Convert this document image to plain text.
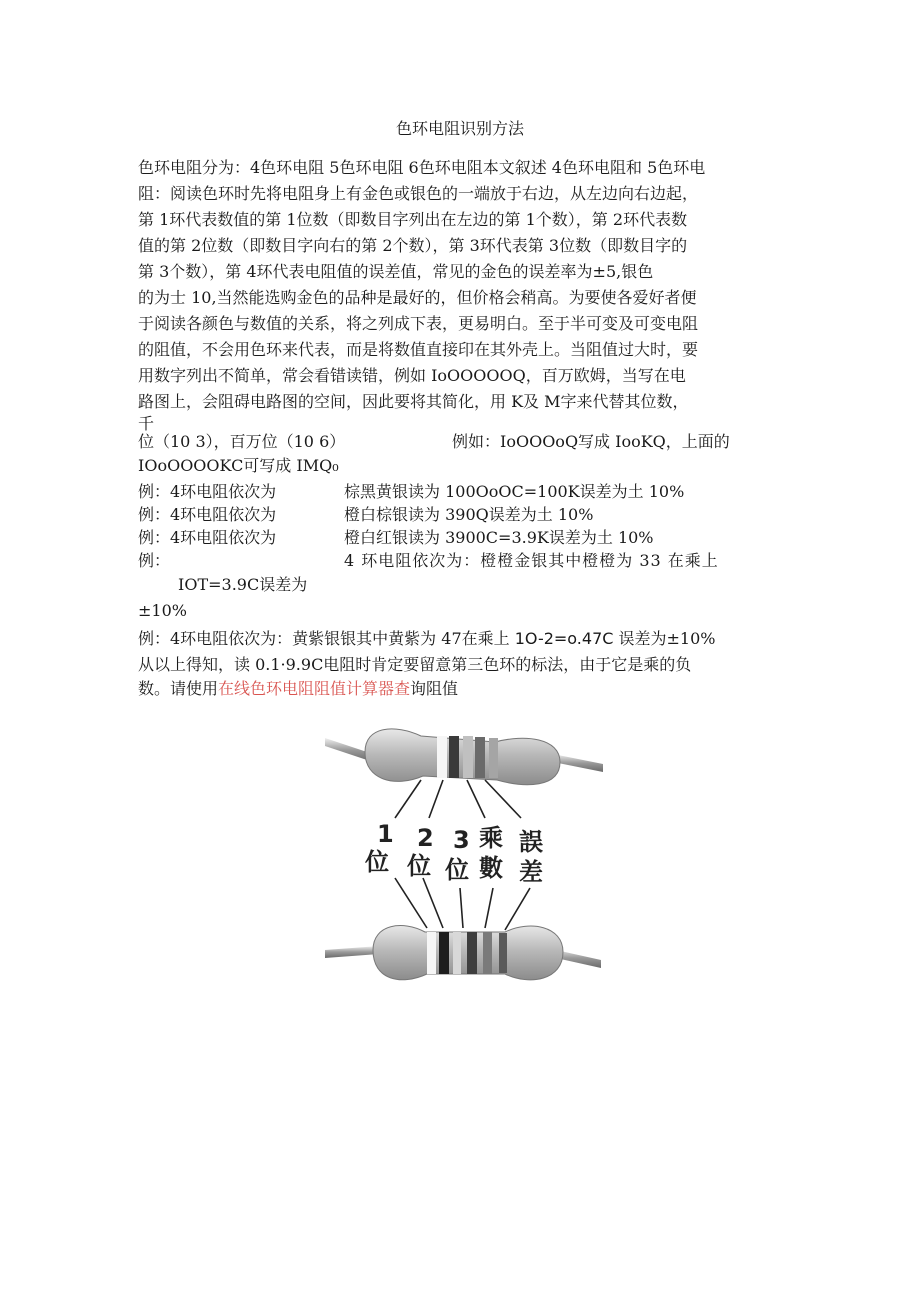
色环电阻识别方法
色环电阻分为：4色环电阻 5色环电阻 6色环电阻本文叙述 4色环电阻和 5色环电
阻：阅读色环时先将电阻身上有金色或银色的一端放于右边，从左边向右边起，
第 1环代表数值的第 1位数（即数目字列出在左边的第 1个数），第 2环代表数
值的第 2位数（即数目字向右的第 2个数），第 3环代表第 3位数（即数目字的
第 3个数），第 4环代表电阻值的误差值，常见的金色的误差率为±5,银色
的为士 10,当然能选购金色的品种是最好的，但价格会稍高。为要使各爱好者便
于阅读各颜色与数值的关系，将之列成下表，更易明白。至于半可变及可变电阻
的阻值，不会用色环来代表，而是将数值直接印在其外壳上。当阻值过大时，要
用数字列出不简单，常会看错读错，例如 IoOOOOOQ，百万欧姆，当写在电
路图上，会阻碍电路图的空间，因此要将其简化，用 K及 M字来代替其位数，
千
位（10 3），百万位（10 6）	例如：IoOOOoQ写成 IooKQ，上面的
IOoOOOOKC可写成 IMQ₀
例：4环电阻依次为	棕黑黄银读为 100OoOC=100K误差为土 10%
例：4环电阻依次为	橙白棕银读为 390Q误差为土 10%
例：4环电阻依次为	橙白红银读为 3900C=3.9K误差为土 10%
例：	4 环电阻依次为：橙橙金银其中橙橙为 33 在乘上
IOT=3.9C误差为
±10%
例：4环电阻依次为：黄紫银银其中黄紫为 47在乘上 1O-2=o.47C 误差为±10%
从以上得知，读 0.1·9.9C电阻时肯定要留意第三色环的标法，由于它是乘的负
数。请使用在线色环电阻阻值计算器查询阻值
1
位
2
位
3
位
乘
數
誤
差
